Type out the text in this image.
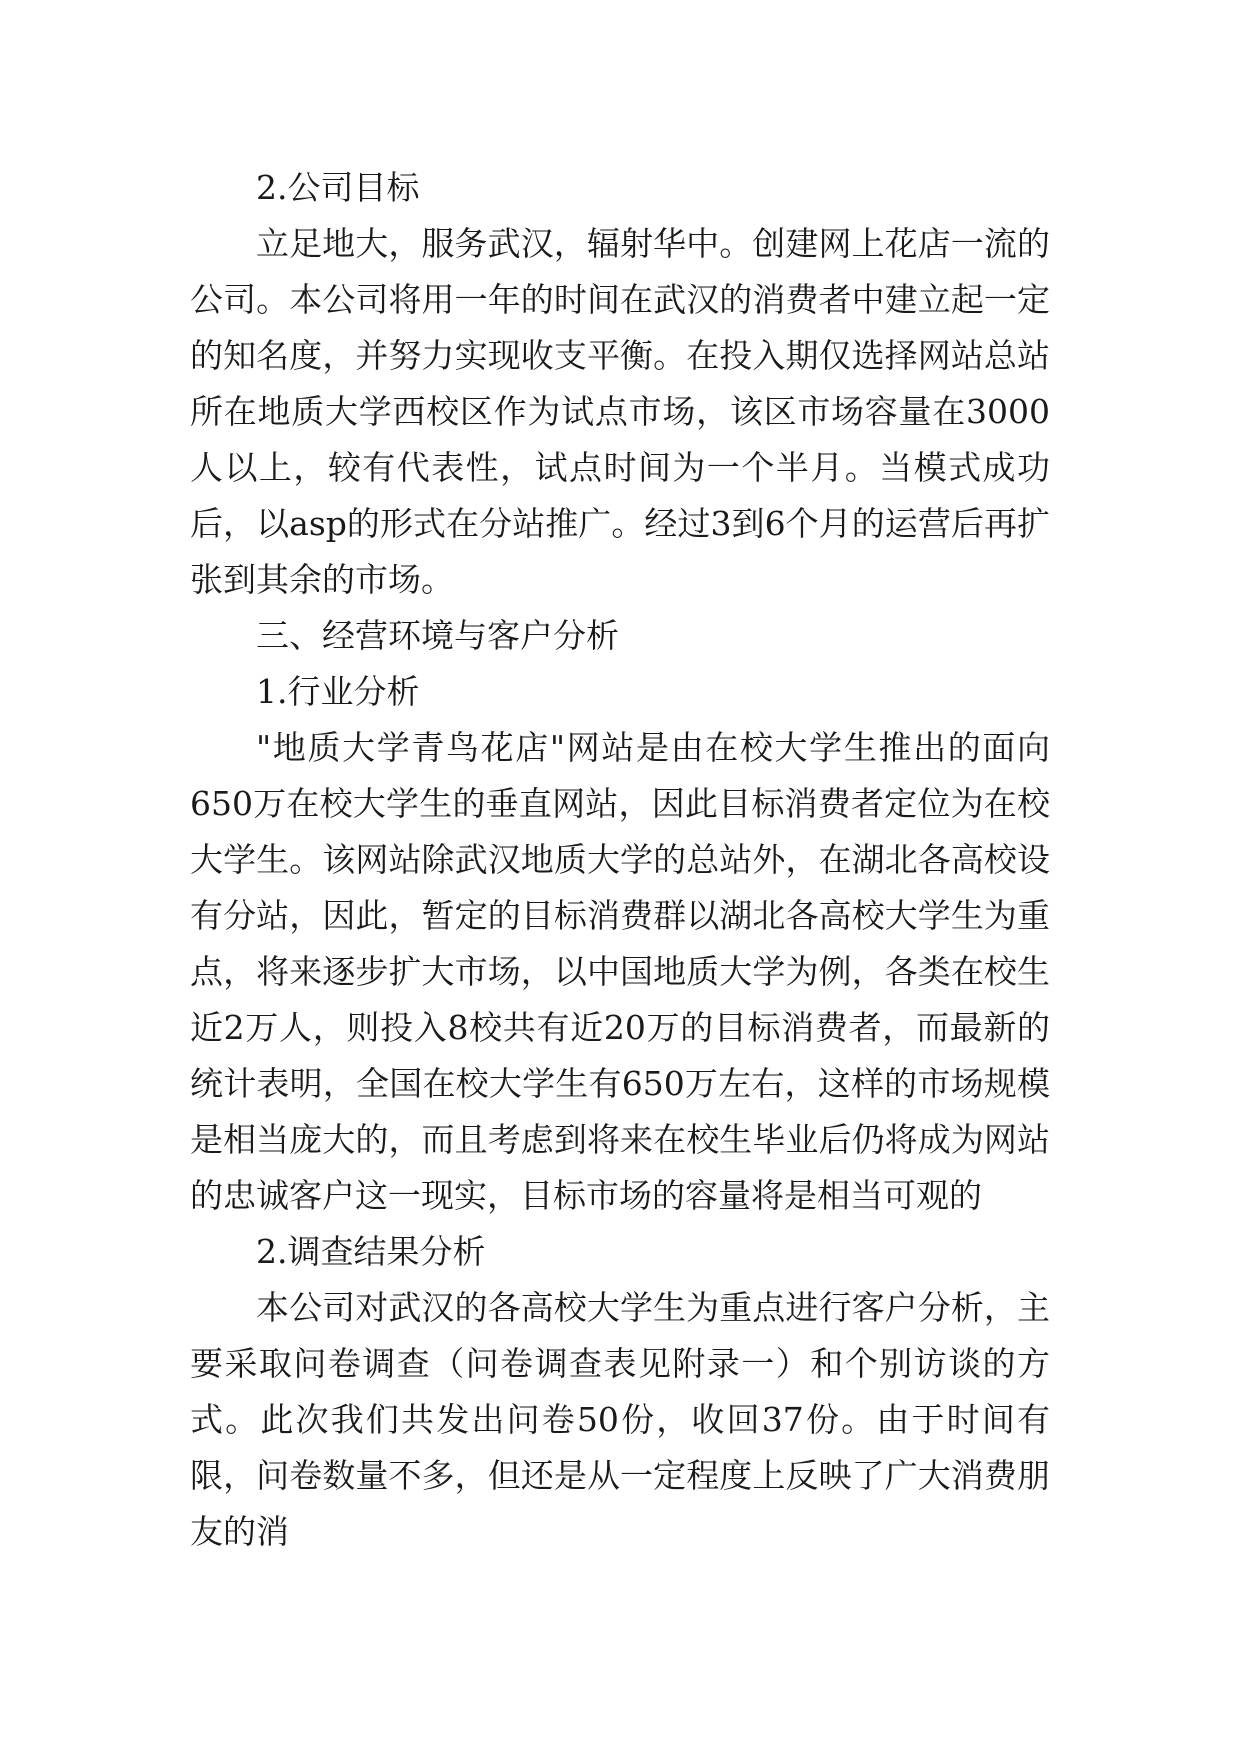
2.公司目标

立足地大，服务武汉，辐射华中。创建网上花店一流的公司。本公司将用一年的时间在武汉的消费者中建立起一定的知名度，并努力实现收支平衡。在投入期仅选择网站总站所在地质大学西校区作为试点市场，该区市场容量在3000人以上，较有代表性，试点时间为一个半月。当模式成功后，以asp的形式在分站推广。经过3到6个月的运营后再扩张到其余的市场。

三、经营环境与客户分析

1.行业分析

"地质大学青鸟花店"网站是由在校大学生推出的面向650万在校大学生的垂直网站，因此目标消费者定位为在校大学生。该网站除武汉地质大学的总站外，在湖北各高校设有分站，因此，暂定的目标消费群以湖北各高校大学生为重点，将来逐步扩大市场，以中国地质大学为例，各类在校生近2万人，则投入8校共有近20万的目标消费者，而最新的统计表明，全国在校大学生有650万左右，这样的市场规模是相当庞大的，而且考虑到将来在校生毕业后仍将成为网站的忠诚客户这一现实，目标市场的容量将是相当可观的

2.调查结果分析

本公司对武汉的各高校大学生为重点进行客户分析，主要采取问卷调查（问卷调查表见附录一）和个别访谈的方式。此次我们共发出问卷50份，收回37份。由于时间有限，问卷数量不多，但还是从一定程度上反映了广大消费朋友的消
